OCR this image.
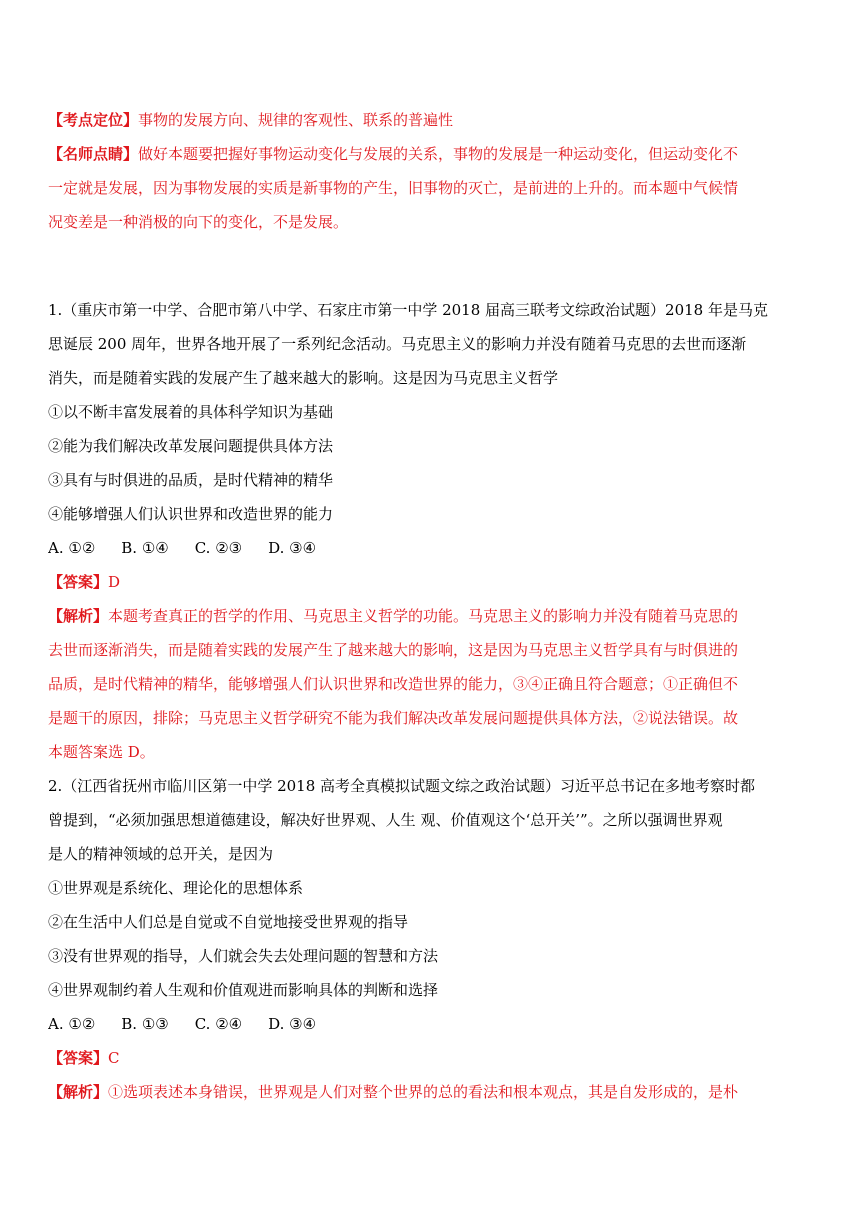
【考点定位】事物的发展方向、规律的客观性、联系的普遍性
【名师点睛】做好本题要把握好事物运动变化与发展的关系，事物的发展是一种运动变化，但运动变化不
一定就是发展，因为事物发展的实质是新事物的产生，旧事物的灭亡，是前进的上升的。而本题中气候情
况变差是一种消极的向下的变化，不是发展。
1.（重庆市第一中学、合肥市第八中学、石家庄市第一中学 2018 届高三联考文综政治试题）2018 年是马克
思诞辰 200 周年，世界各地开展了一系列纪念活动。马克思主义的影响力并没有随着马克思的去世而逐渐
消失，而是随着实践的发展产生了越来越大的影响。这是因为马克思主义哲学
①以不断丰富发展着的具体科学知识为基础
②能为我们解决改革发展问题提供具体方法
③具有与时俱进的品质，是时代精神的精华
④能够增强人们认识世界和改造世界的能力
A. ①② B. ①④ C. ②③ D. ③④
【答案】D
【解析】本题考查真正的哲学的作用、马克思主义哲学的功能。马克思主义的影响力并没有随着马克思的
去世而逐渐消失，而是随着实践的发展产生了越来越大的影响，这是因为马克思主义哲学具有与时俱进的
品质，是时代精神的精华，能够增强人们认识世界和改造世界的能力，③④正确且符合题意；①正确但不
是题干的原因，排除；马克思主义哲学研究不能为我们解决改革发展问题提供具体方法，②说法错误。故
本题答案选 D。
2.（江西省抚州市临川区第一中学 2018 高考全真模拟试题文综之政治试题）习近平总书记在多地考察时都
曾提到，“必须加强思想道德建设，解决好世界观、人生 观、价值观这个‘总开关’”。之所以强调世界观
是人的精神领域的总开关，是因为
①世界观是系统化、理论化的思想体系
②在生活中人们总是自觉或不自觉地接受世界观的指导
③没有世界观的指导，人们就会失去处理问题的智慧和方法
④世界观制约着人生观和价值观进而影响具体的判断和选择
A. ①② B. ①③ C. ②④ D. ③④
【答案】C
【解析】①选项表述本身错误，世界观是人们对整个世界的总的看法和根本观点，其是自发形成的，是朴
